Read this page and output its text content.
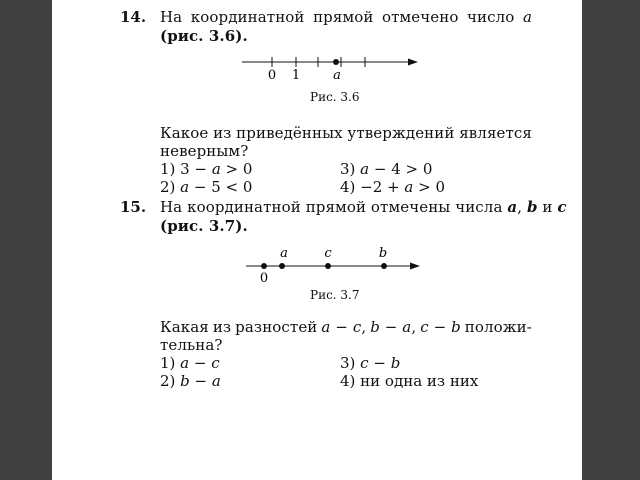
14. На координатной прямой отмечено число a
(рис. 3.6).
0 1	a
Рис. 3.6
Какое из приведённых утверждений является
неверным?
1) 3 − a > 0	3) a − 4 > 0
2) a − 5 < 0	4) −2 + a > 0
15. На координатной прямой отмечены числа a, b и c
(рис. 3.7).
0
a	c	b
Рис. 3.7
Какая из разностей a − c, b − a, c − b положи-
тельна?
1) a − c	3) c − b
2) b − a	4) ни одна из них
